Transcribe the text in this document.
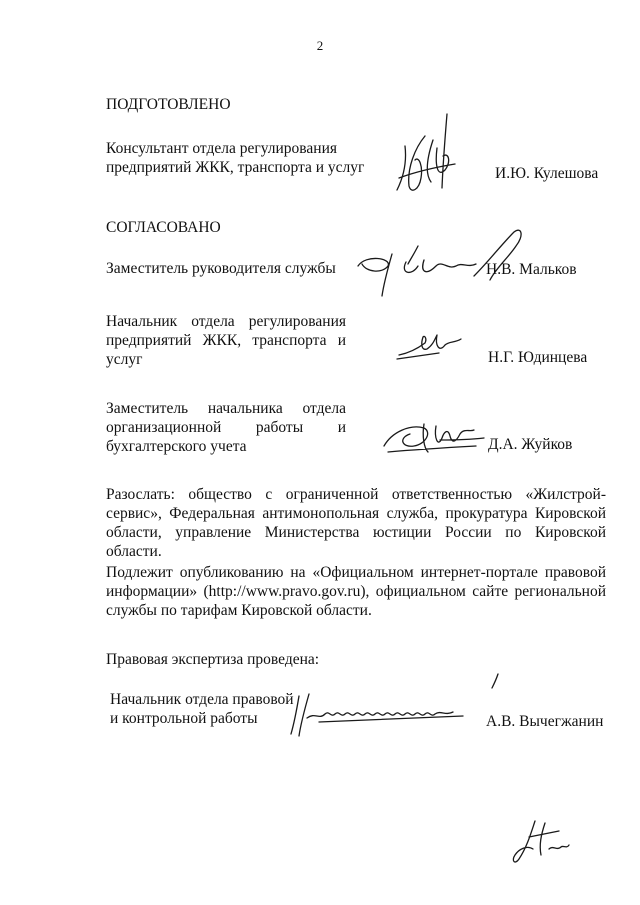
2
ПОДГОТОВЛЕНО
Консультант отдела регулирования
предприятий ЖКК, транспорта и услуг	И.Ю. Кулешова
СОГЛАСОВАНО
Заместитель руководителя службы	Н.В. Мальков
Начальник отдела регулирования
предприятий ЖКК, транспорта и
услуг	Н.Г. Юдинцева
Заместитель начальника отдела
организационной работы и
бухгалтерского учета	Д.А. Жуйков
Разослать: общество с ограниченной ответственностью «Жилстрой-сервис», Федеральная антимонопольная служба, прокуратура Кировской области, управление Министерства юстиции России по Кировской области.
Подлежит опубликованию на «Официальном интернет-портале правовой информации» (http://www.pravo.gov.ru), официальном сайте региональной службы по тарифам Кировской области.
Правовая экспертиза проведена:
Начальник отдела правовой
и контрольной работы	А.В. Вычегжанин
